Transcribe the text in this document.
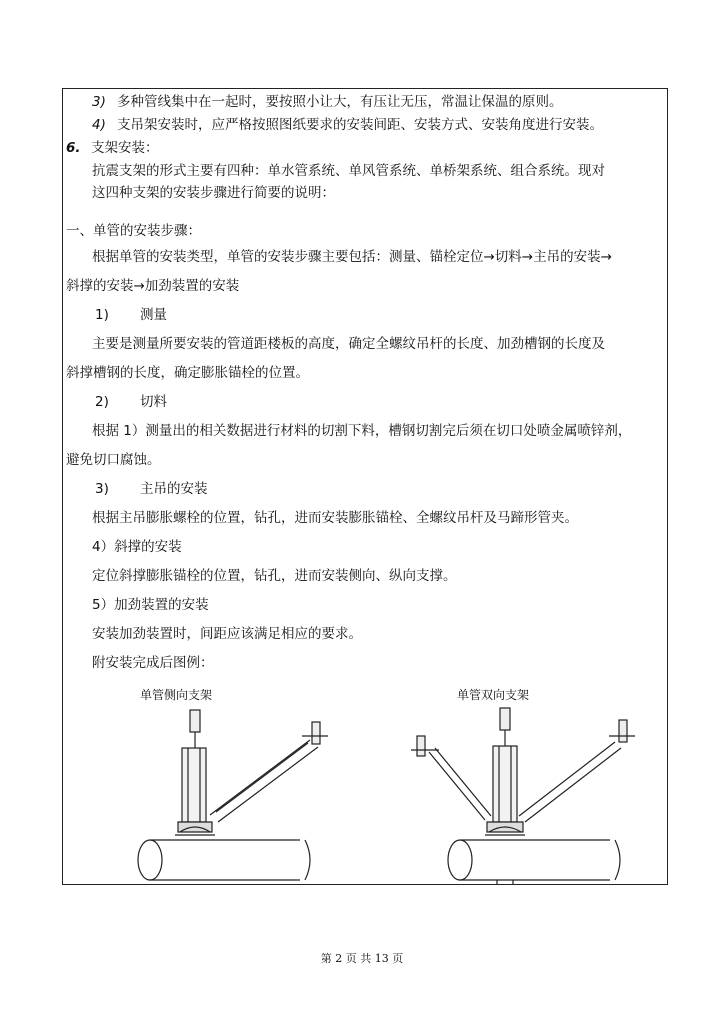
3) 多种管线集中在一起时，要按照小让大，有压让无压，常温让保温的原则。
4) 支吊架安装时，应严格按照图纸要求的安装间距、安装方式、安装角度进行安装。
6. 支架安装：
抗震支架的形式主要有四种：单水管系统、单风管系统、单桥架系统、组合系统。现对
这四种支架的安装步骤进行简要的说明：
一、单管的安装步骤：
根据单管的安装类型，单管的安装步骤主要包括：测量、锚栓定位→切料→主吊的安装→
斜撑的安装→加劲装置的安装
1) 测量
主要是测量所要安装的管道距楼板的高度，确定全螺纹吊杆的长度、加劲槽钢的长度及
斜撑槽钢的长度，确定膨胀锚栓的位置。
2) 切料
根据 1）测量出的相关数据进行材料的切割下料，槽钢切割完后须在切口处喷金属喷锌剂，
避免切口腐蚀。
3) 主吊的安装
根据主吊膨胀螺栓的位置，钻孔，进而安装膨胀锚栓、全螺纹吊杆及马蹄形管夹。
4）斜撑的安装
定位斜撑膨胀锚栓的位置，钻孔，进而安装侧向、纵向支撑。
5）加劲装置的安装
安装加劲装置时，间距应该满足相应的要求。
附安装完成后图例：
单管侧向支架	单管双向支架
第 2 页 共 13 页
